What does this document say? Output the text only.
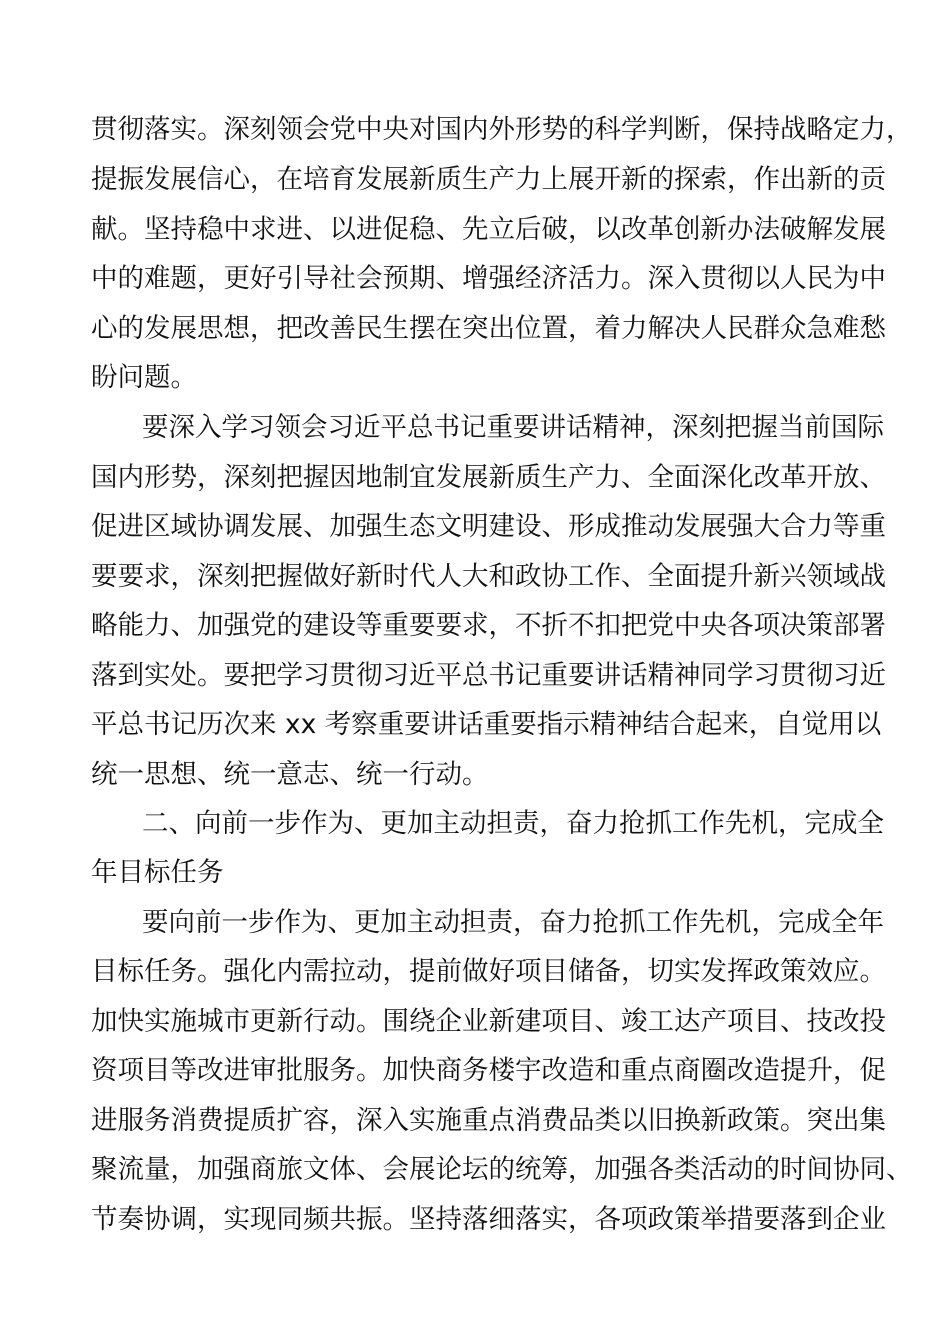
贯彻落实。深刻领会党中央对国内外形势的科学判断，保持战略定力，
提振发展信心，在培育发展新质生产力上展开新的探索，作出新的贡
献。坚持稳中求进、以进促稳、先立后破，以改革创新办法破解发展
中的难题，更好引导社会预期、增强经济活力。深入贯彻以人民为中
心的发展思想，把改善民生摆在突出位置，着力解决人民群众急难愁
盼问题。
要深入学习领会习近平总书记重要讲话精神，深刻把握当前国际
国内形势，深刻把握因地制宜发展新质生产力、全面深化改革开放、
促进区域协调发展、加强生态文明建设、形成推动发展强大合力等重
要要求，深刻把握做好新时代人大和政协工作、全面提升新兴领域战
略能力、加强党的建设等重要要求，不折不扣把党中央各项决策部署
落到实处。要把学习贯彻习近平总书记重要讲话精神同学习贯彻习近
平总书记历次来 xx 考察重要讲话重要指示精神结合起来，自觉用以
统一思想、统一意志、统一行动。
二、向前一步作为、更加主动担责，奋力抢抓工作先机，完成全
年目标任务
要向前一步作为、更加主动担责，奋力抢抓工作先机，完成全年
目标任务。强化内需拉动，提前做好项目储备，切实发挥政策效应。
加快实施城市更新行动。围绕企业新建项目、竣工达产项目、技改投
资项目等改进审批服务。加快商务楼宇改造和重点商圈改造提升，促
进服务消费提质扩容，深入实施重点消费品类以旧换新政策。突出集
聚流量，加强商旅文体、会展论坛的统筹，加强各类活动的时间协同、
节奏协调，实现同频共振。坚持落细落实，各项政策举措要落到企业
